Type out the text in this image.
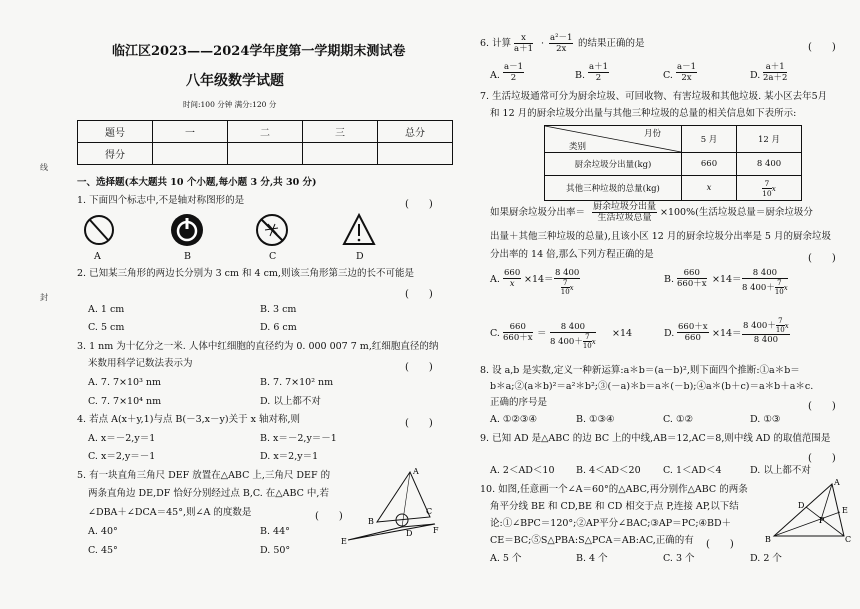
线
封
临江区2023——2024学年度第一学期期末测试卷
八年级数学试题
时间:100 分钟 满分:120 分
题号	一	二	三	总分
得分				
一、选择题(本大题共 10 个小题,每小题 3 分,共 30 分)
1. 下面四个标志中,不是轴对称图形的是	(　　)
A	B	C	D
2. 已知某三角形的两边长分别为 3 cm 和 4 cm,则该三角形第三边的长不可能是
(　　)
A. 1 cm	B. 3 cm
C. 5 cm	D. 6 cm
3. 1 nm 为十亿分之一米. 人体中红细胞的直径约为 0. 000 007 7 m,红细胞直径的纳
米数用科学记数法表示为	(　　)
A. 7. 7×10³ nm	B. 7. 7×10² nm
C. 7. 7×10⁴ nm	D. 以上都不对
4. 若点 A(x＋y,1)与点 B(－3,x－y)关于 x 轴对称,则	(　　)
A. x＝－2,y＝1	B. x＝－2,y＝－1
C. x＝2,y＝－1	D. x＝2,y＝1
5. 有一块直角三角尺 DEF 放置在△ABC 上,三角尺 DEF 的
两条直角边 DE,DF 恰好分别经过点 B,C. 在△ABC 中,若
∠DBA＋∠DCA＝45°,则∠A 的度数是	(　　)
A. 40°	B. 44°
C. 45°	D. 50°
A
B
C
D
E
F
6. 计算 $\frac{x}{a+1} \cdot \frac{\text{a²－1}}{2x}$ 的结果正确的是	(　　)
A. $\frac{a-1}{2}$	B. $\frac{a+1}{2}$	C. $\frac{a-1}{2x}$	D. $\frac{a+1}{2a+2}$
7. 生活垃圾通常可分为厨余垃圾、可回收物、有害垃圾和其他垃圾. 某小区去年5月
和 12 月的厨余垃圾分出量与其他三种垃圾的总量的相关信息如下表所示:
月份
类别	5 月	12 月
厨余垃圾分出量(kg)	660	8 400
其他三种垃圾的总量(kg)	x	$\frac{7}{10}$ x
如果厨余垃圾分出率＝ 厨余垃圾分出量
生活垃圾总量 ×100%(生活垃圾总量＝厨余垃圾分
出量＋其他三种垃圾的总量),且该小区 12 月的厨余垃圾分出率是 5 月的厨余垃圾
分出率的 14 倍,那么下列方程正确的是	(　　)
A. $\frac{660}{x} \times 14= \frac{8 400}{\frac{7}{10} x}$	B. $\frac{660}{660+x} \times 14= \frac{8 400}{8 400+ \frac{7}{10} x}$
C. $\frac{660}{660+x} = \frac{8 400}{8 400+ \frac{7}{10} x} \times 14$	D. $\frac{660+x}{660} \times 14= \frac{8 400+ \frac{7}{10} x}{8 400}$
8. 设 a,b 是实数,定义一种新运算:a＊b＝(a－b)²,则下面四个推断:①a＊b＝
b＊a;②(a＊b)²＝a²＊b²;③(－a)＊b＝a＊(－b);④a＊(b＋c)＝a＊b＋a＊c.
正确的序号是	(　　)
A. ①②③④	B. ①③④	C. ①②	D. ①③
9. 已知 AD 是△ABC 的边 BC 上的中线,AB＝12,AC＝8,则中线 AD 的取值范围是
(　　)
A. 2＜AD＜10 B. 4＜AD＜20 C. 1＜AD＜4	D. 以上都不对
10. 如图,任意画一个∠A＝60°的△ABC,再分别作△ABC 的两条
角平分线 BE 和 CD,BE 和 CD 相交于点 P,连接 AP,以下结
论:①∠BPC＝120°;②AP平分∠BAC;③AP＝PC;④BD＋
CE＝BC;⑤S△PBA:S△PCA＝AB:AC,正确的有 (　　)
A. 5 个	B. 4 个	C. 3 个	D. 2 个
A
B	C
D
E
P
